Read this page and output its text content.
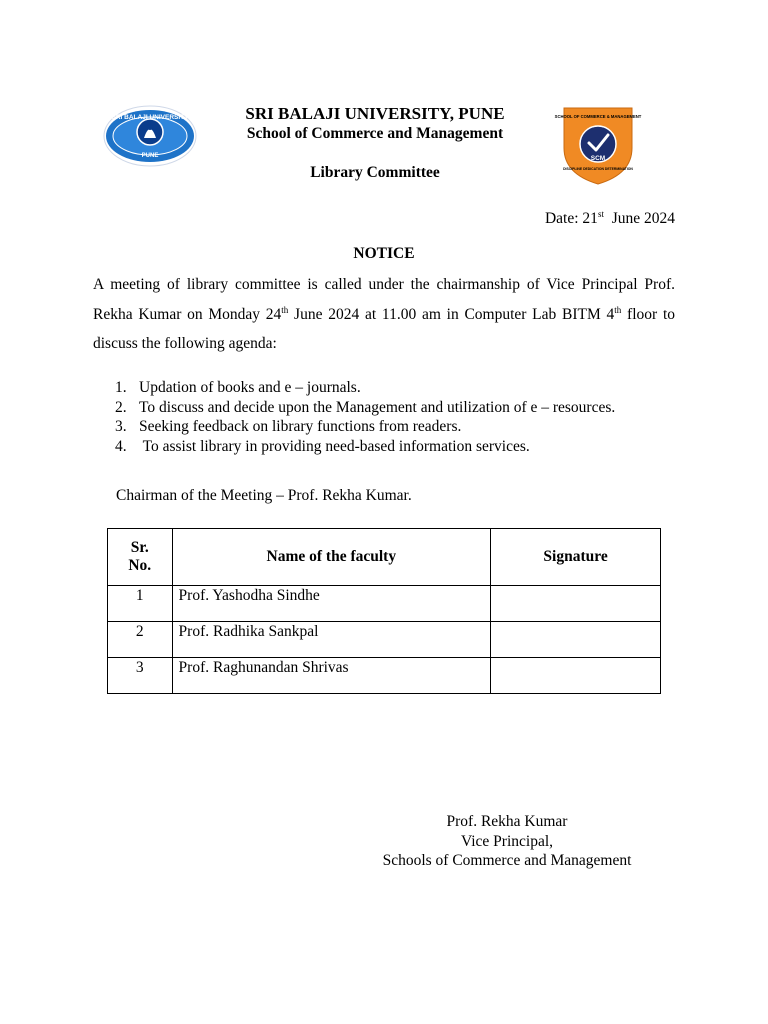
SRI BALAJI UNIVERSITY
PUNE
SCHOOL OF COMMERCE & MANAGEMENT
SCM
DISCIPLINE DEDICATION DETERMINATION
SRI BALAJI UNIVERSITY, PUNE
School of Commerce and Management
Library Committee
Date: 21st June 2024
NOTICE
A meeting of library committee is called under the chairmanship of Vice Principal Prof. Rekha Kumar on Monday 24th June 2024 at 11.00 am in Computer Lab BITM 4th floor to discuss the following agenda:
1. Updation of books and e – journals.
2. To discuss and decide upon the Management and utilization of e – resources.
3. Seeking feedback on library functions from readers.
4. To assist library in providing need-based information services.
Chairman of the Meeting – Prof. Rekha Kumar.
Sr.
No.	Name of the faculty	Signature
1	Prof. Yashodha Sindhe	
2	Prof. Radhika Sankpal	
3	Prof. Raghunandan Shrivas	
Prof. Rekha Kumar
Vice Principal,
Schools of Commerce and Management
